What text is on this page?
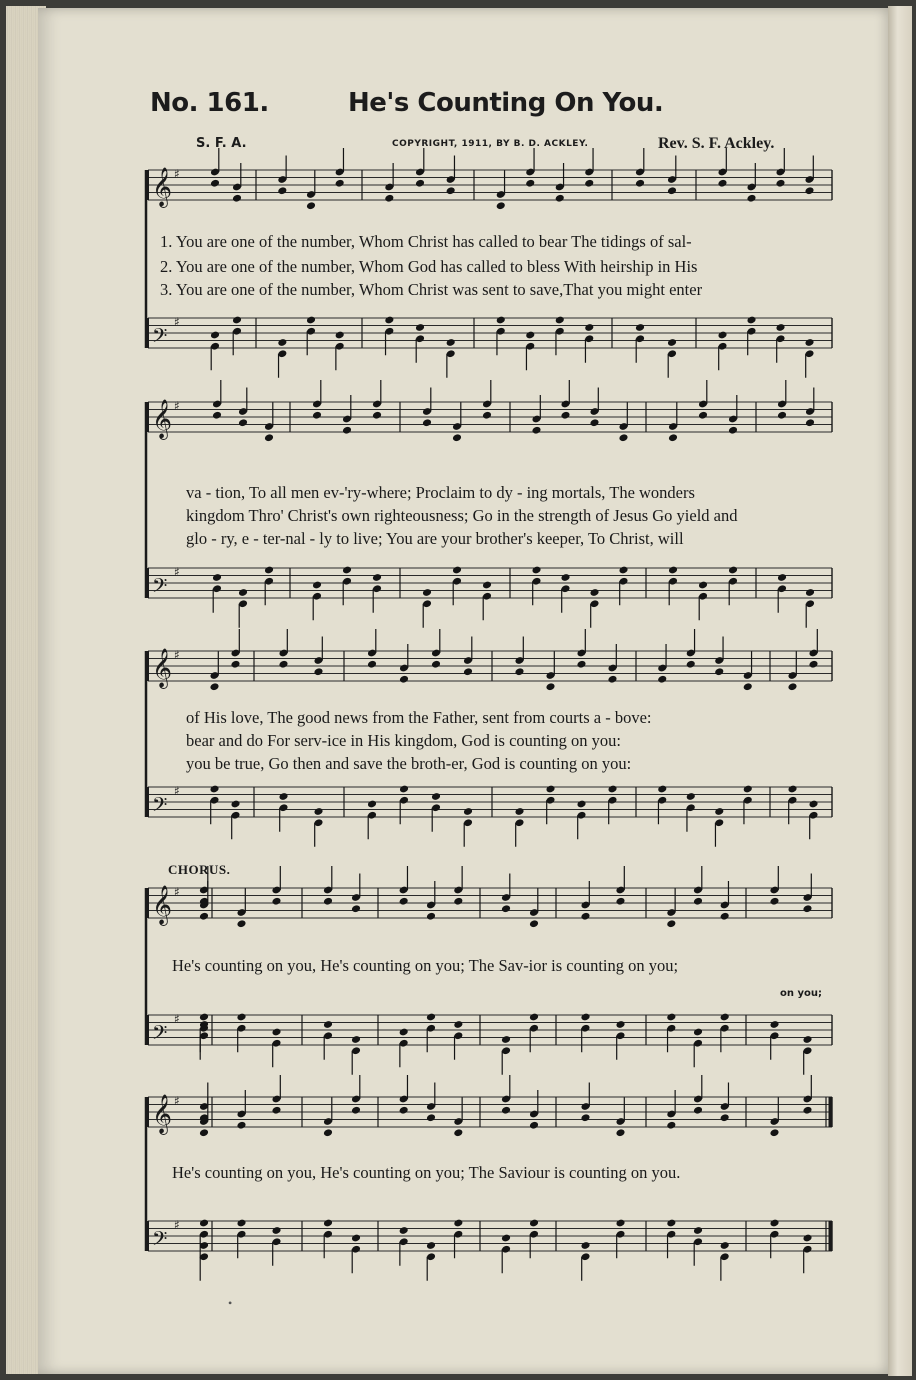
No. 161.	He's Counting On You.
S. F. A.	COPYRIGHT, 1911, BY B. D. ACKLEY.	Rev. S. F. Ackley.
𝄞 ♯
𝄢
♯
𝄞 ♯
𝄢
♯
𝄞 ♯
𝄢
♯
𝄞 ♯
𝄢
♯
𝄞 ♯
𝄢
♯
1. You are one of the number, Whom Christ has called to bear The tidings of sal-
2. You are one of the number, Whom God has called to bless With heirship in His
3. You are one of the number, Whom Christ was sent to save,That you might enter
va - tion, To all men ev-'ry-where; Proclaim to dy - ing mortals, The wonders
kingdom Thro' Christ's own righteousness; Go in the strength of Jesus Go yield and
glo - ry, e - ter-nal - ly to live; You are your brother's keeper, To Christ, will
of His love, The good news from the Father, sent from courts a - bove:
bear and do For serv-ice in His kingdom, God is counting on you:
you be true, Go then and save the broth-er, God is counting on you:
CHORUS.
He's counting on you, He's counting on you; The Sav-ior is counting on you;
on you;
He's counting on you, He's counting on you; The Saviour is counting on you.
•
